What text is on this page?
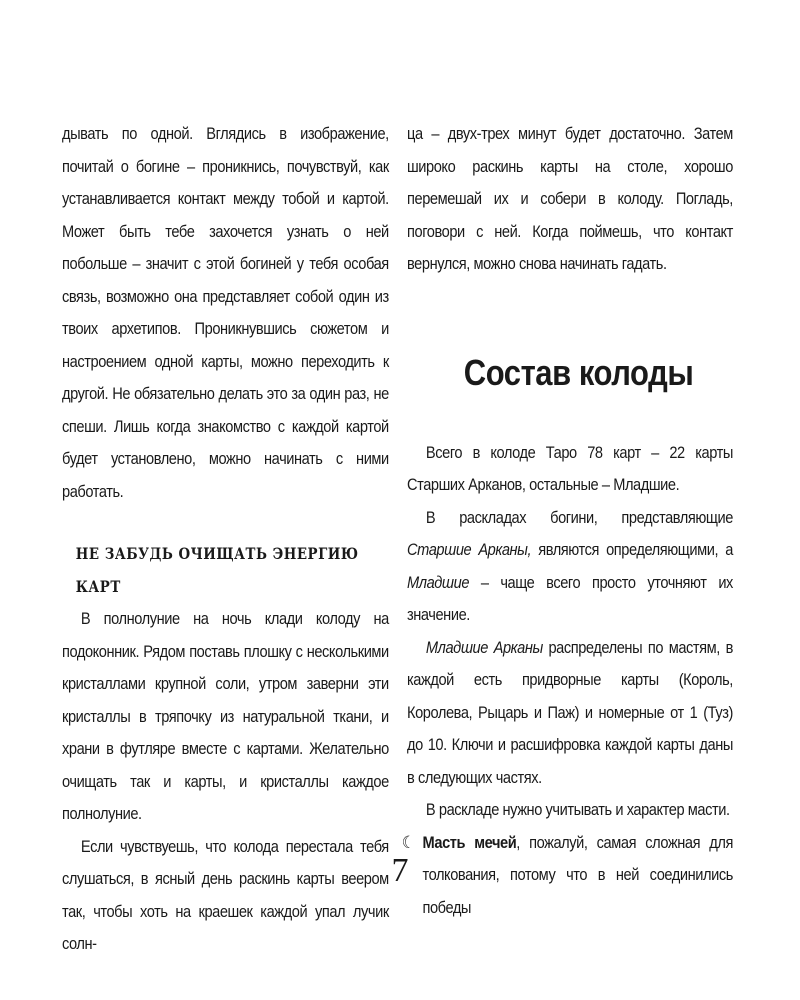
дывать по одной. Вглядись в изображение, почитай о богине – проникнись, почувствуй, как устанавливается контакт между тобой и картой. Может быть тебе захочется узнать о ней побольше – значит с этой богиней у тебя особая связь, возможно она представляет собой один из твоих архетипов. Проникнувшись сюжетом и настроением одной карты, можно переходить к другой. Не обязательно делать это за один раз, не спеши. Лишь когда знакомство с каждой картой будет установлено, можно начинать с ними работать.

НЕ ЗАБУДЬ ОЧИЩАТЬ ЭНЕРГИЮ КАРТ

В полнолуние на ночь клади колоду на подоконник. Рядом поставь плошку с несколькими кристаллами крупной соли, утром заверни эти кристаллы в тряпочку из натуральной ткани, и храни в футляре вместе с картами. Желательно очищать так и карты, и кристаллы каждое полнолуние.

Если чувствуешь, что колода перестала тебя слушаться, в ясный день раскинь карты веером так, чтобы хоть на краешек каждой упал лучик солн-

ца – двух-трех минут будет достаточно. Затем широко раскинь карты на столе, хорошо перемешай их и собери в колоду. Погладь, поговори с ней. Когда поймешь, что контакт вернулся, можно снова начинать гадать.

Состав колоды

Всего в колоде Таро 78 карт – 22 карты Старших Арканов, остальные – Младшие.

В раскладах богини, представляющие Старшие Арканы, являются определяющими, а Младшие – чаще всего просто уточняют их значение.

Младшие Арканы распределены по мастям, в каждой есть придворные карты (Король, Королева, Рыцарь и Паж) и номерные от 1 (Туз) до 10. Ключи и расшифровка каждой карты даны в следующих частях.

В раскладе нужно учитывать и характер масти.

☾ Масть мечей, пожалуй, самая сложная для толкования, потому что в ней соединились победы

7
